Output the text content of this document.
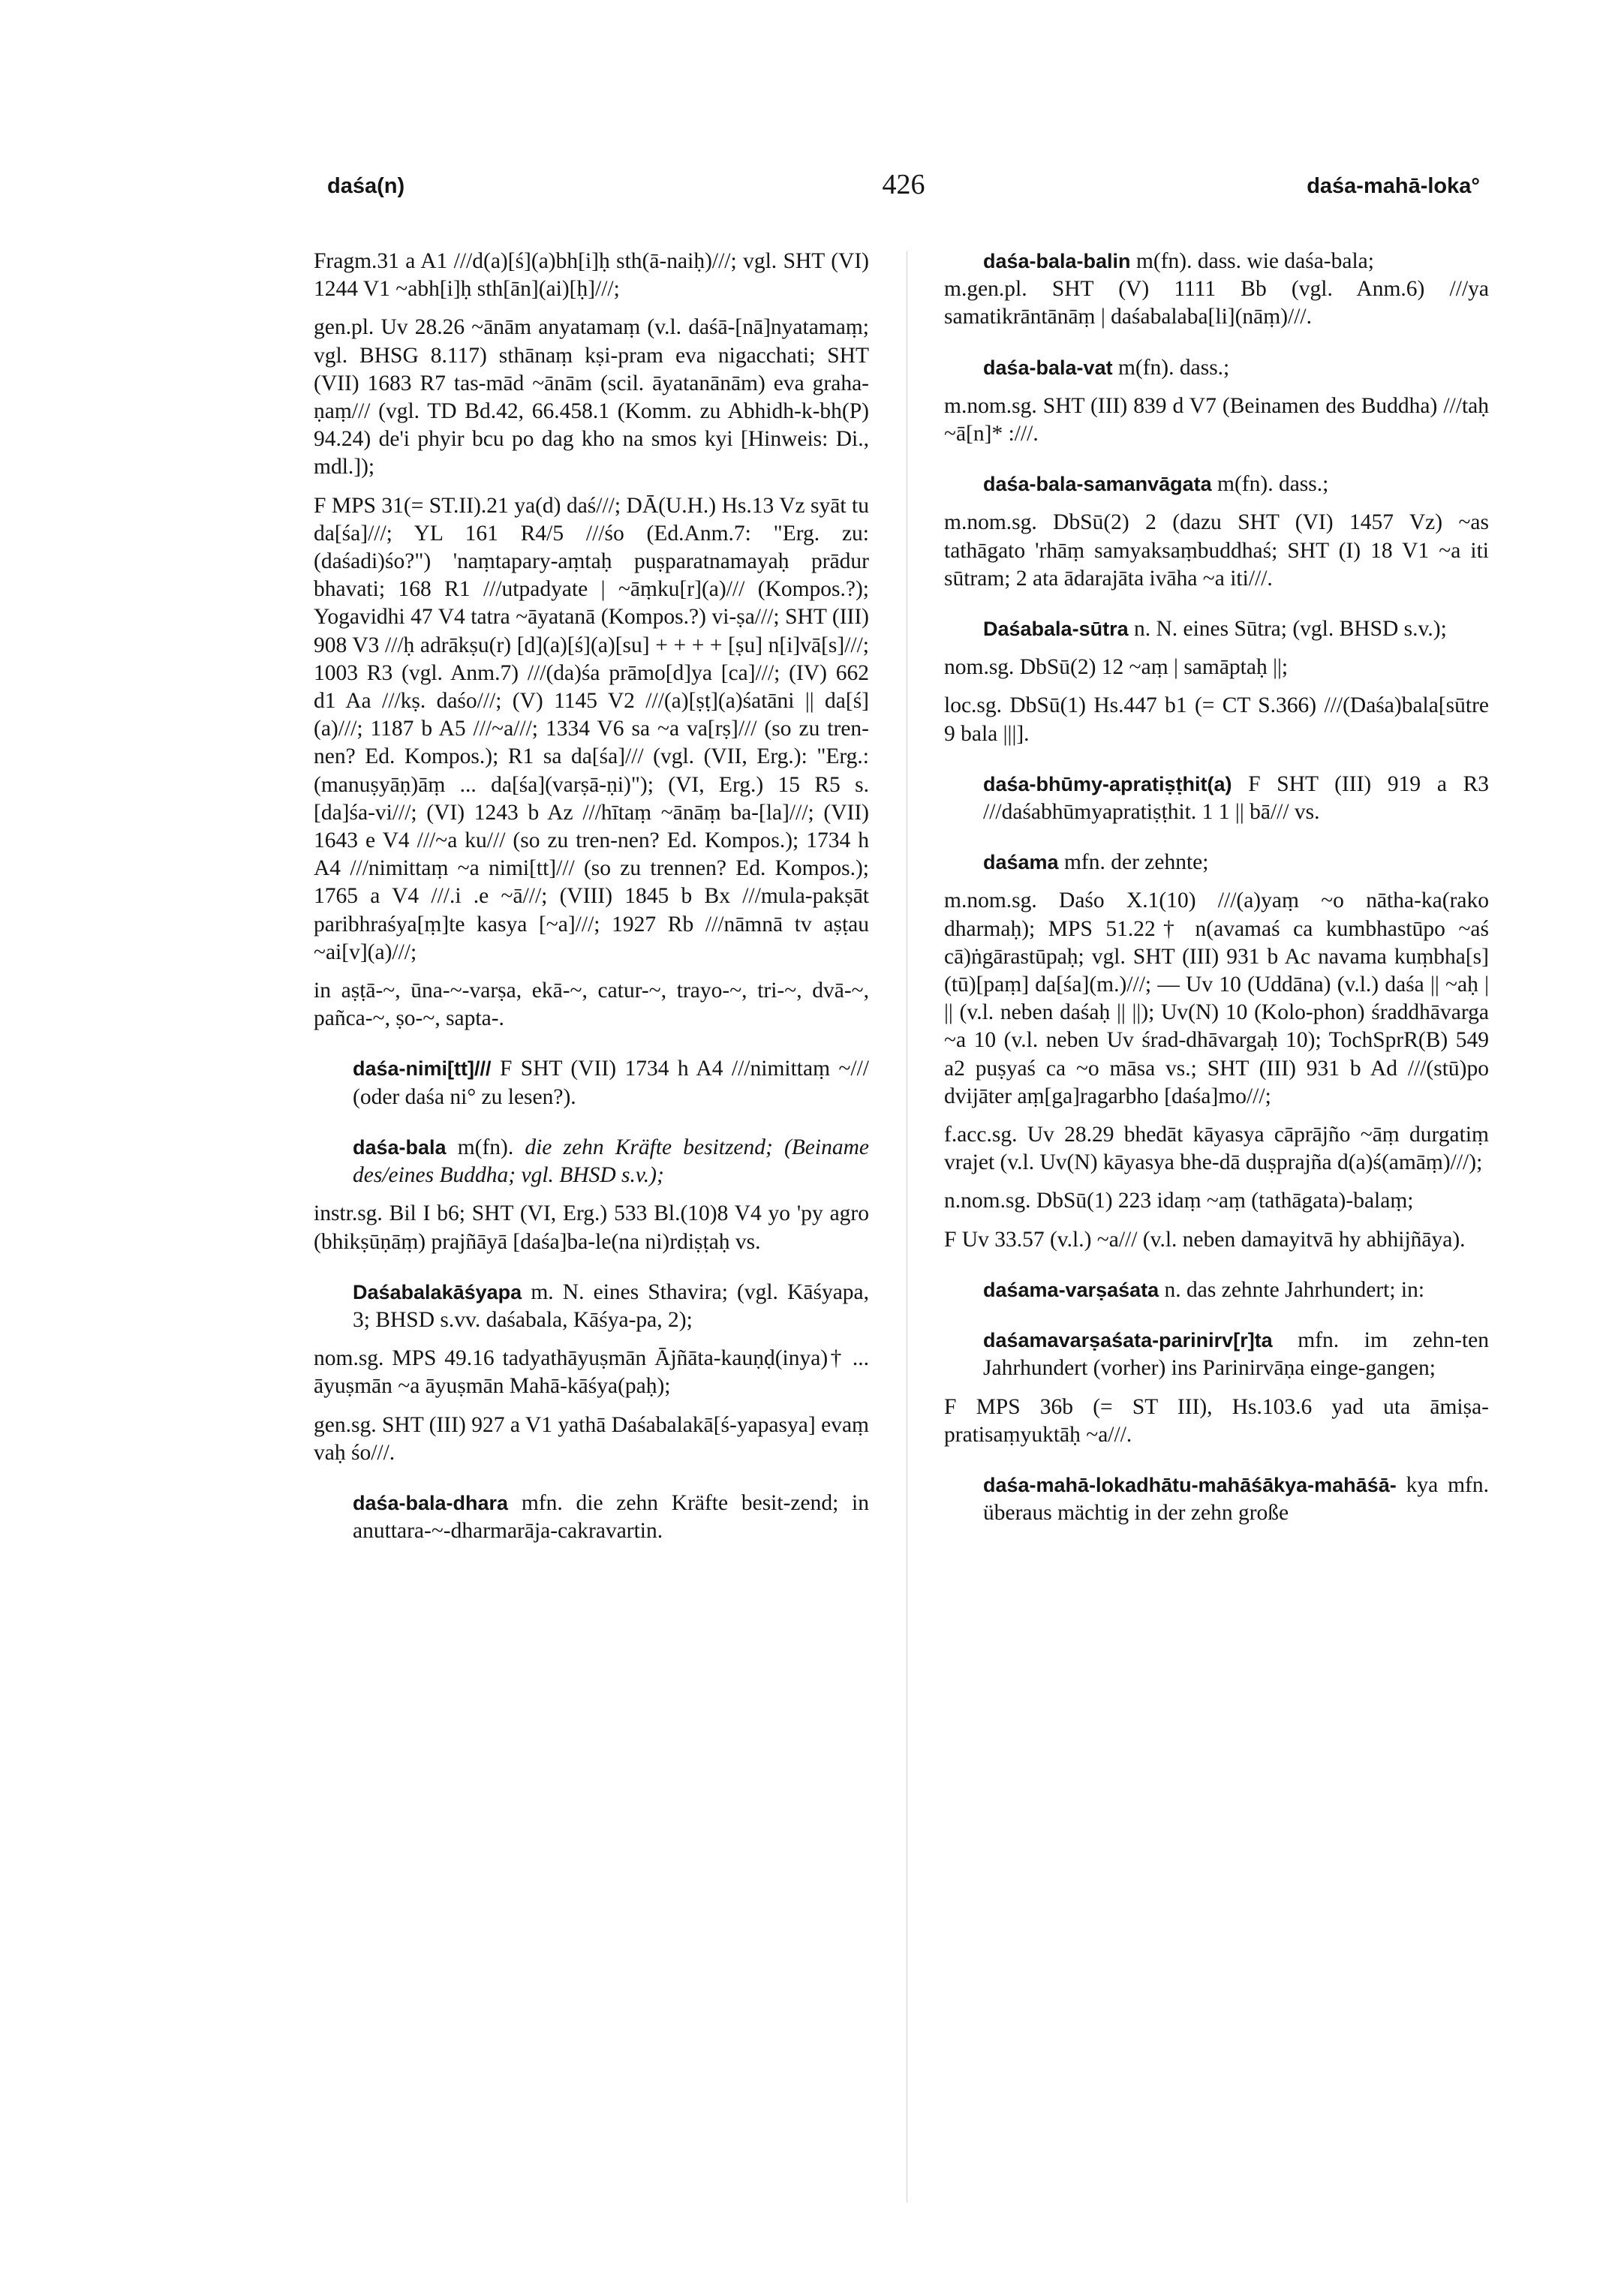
daśa(n)	426	daśa-mahā-loka°

Fragm.31 a A1 ///d(a)[ś](a)bh[i]ḥ sth(ā-naiḥ)///; vgl. SHT (VI) 1244 V1 ~abh[i]ḥ sth[ān](ai)[ḥ]///;

gen.pl. Uv 28.26 ~ānām anyatamaṃ (v.l. daśā-[nā]nyatamaṃ; vgl. BHSG 8.117) sthānaṃ kṣi-pram eva nigacchati; SHT (VII) 1683 R7 tas-mād ~ānām (scil. āyatanānām) eva graha-ṇaṃ/// (vgl. TD Bd.42, 66.458.1 (Komm. zu Abhidh-k-bh(P) 94.24) de'i phyir bcu po dag kho na smos kyi [Hinweis: Di., mdl.]);

F MPS 31(= ST.II).21 ya(d) daś///; DĀ(U.H.) Hs.13 Vz syāt tu da[śa]///; YL 161 R4/5 ///śo (Ed.Anm.7: "Erg. zu: (daśadi)śo?") 'naṃtapary-aṃtaḥ puṣparatnamayaḥ prādur bhavati; 168 R1 ///utpadyate | ~āṃku[r](a)/// (Kompos.?); Yogavidhi 47 V4 tatra ~āyatanā (Kompos.?) vi-ṣa///; SHT (III) 908 V3 ///ḥ adrākṣu(r) [d](a)[ś](a)[su] + + + + [ṣu] n[i]vā[s]///; 1003 R3 (vgl. Anm.7) ///(da)śa prāmo[d]ya [ca]///; (IV) 662 d1 Aa ///kṣ. daśo///; (V) 1145 V2 ///(a)[ṣṭ](a)śatāni || da[ś](a)///; 1187 b A5 ///~a///; 1334 V6 sa ~a va[rṣ]/// (so zu tren-nen? Ed. Kompos.); R1 sa da[śa]/// (vgl. (VII, Erg.): "Erg.: (manuṣyāṇ)āṃ ... da[śa](varṣā-ṇi)"); (VI, Erg.) 15 R5 s. [da]śa-vi///; (VI) 1243 b Az ///hītaṃ ~ānāṃ ba-[la]///; (VII) 1643 e V4 ///~a ku/// (so zu tren-nen? Ed. Kompos.); 1734 h A4 ///nimittaṃ ~a nimi[tt]/// (so zu trennen? Ed. Kompos.); 1765 a V4 ///.i .e ~ā///; (VIII) 1845 b Bx ///mula-pakṣāt paribhraśya[ṃ]te kasya [~a]///; 1927 Rb ///nāmnā tv aṣṭau ~ai[v](a)///;

in aṣṭā-~, ūna-~-varṣa, ekā-~, catur-~, trayo-~, tri-~, dvā-~, pañca-~, ṣo-~, sapta-.

daśa-nimi[tt]/// F SHT (VII) 1734 h A4 ///nimittaṃ ~/// (oder daśa ni° zu lesen?).

daśa-bala m(fn). die zehn Kräfte besitzend; (Beiname des/eines Buddha; vgl. BHSD s.v.);

instr.sg. Bil I b6; SHT (VI, Erg.) 533 Bl.(10)8 V4 yo 'py agro (bhikṣūṇāṃ) prajñāyā [daśa]ba-le(na ni)rdiṣṭaḥ vs.

Daśabalakāśyapa m. N. eines Sthavira; (vgl. Kāśyapa, 3; BHSD s.vv. daśabala, Kāśya-pa, 2);

nom.sg. MPS 49.16 tadyathāyuṣmān Ājñāta-kauṇḍ(inya)† ... āyuṣmān ~a āyuṣmān Mahā-kāśya(paḥ);

gen.sg. SHT (III) 927 a V1 yathā Daśabalakā[ś-yapasya] evaṃ vaḥ śo///.

daśa-bala-dhara mfn. die zehn Kräfte besit-zend; in anuttara-~-dharmarāja-cakravartin.

daśa-bala-balin m(fn). dass. wie daśa-bala;

m.gen.pl. SHT (V) 1111 Bb (vgl. Anm.6) ///ya samatikrāntānāṃ | daśabalaba[li](nāṃ)///.

daśa-bala-vat m(fn). dass.;

m.nom.sg. SHT (III) 839 d V7 (Beinamen des Buddha) ///taḥ ~ā[n]* :///.

daśa-bala-samanvāgata m(fn). dass.;

m.nom.sg. DbSū(2) 2 (dazu SHT (VI) 1457 Vz) ~as tathāgato 'rhāṃ samyaksaṃbuddhaś; SHT (I) 18 V1 ~a iti sūtram; 2 ata ādarajāta ivāha ~a iti///.

Daśabala-sūtra n. N. eines Sūtra; (vgl. BHSD s.v.);

nom.sg. DbSū(2) 12 ~aṃ | samāptaḥ ||;

loc.sg. DbSū(1) Hs.447 b1 (= CT S.366) ///(Daśa)bala[sūtre 9 bala |||].

daśa-bhūmy-apratiṣṭhit(a) F SHT (III) 919 a R3 ///daśabhūmyapratiṣṭhit. 1 1 || bā/// vs.

daśama mfn. der zehnte;

m.nom.sg. Daśo X.1(10) ///(a)yaṃ ~o nātha-ka(rako dharmaḥ); MPS 51.22† n(avamaś ca kumbhastūpo ~aś cā)ṅgārastūpaḥ; vgl. SHT (III) 931 b Ac navama kuṃbha[s](tū)[paṃ] da[śa](m.)///; — Uv 10 (Uddāna) (v.l.) daśa || ~aḥ | || (v.l. neben daśaḥ || ||); Uv(N) 10 (Kolo-phon) śraddhāvarga ~a 10 (v.l. neben Uv śrad-dhāvargaḥ 10); TochSprR(B) 549 a2 puṣyaś ca ~o māsa vs.; SHT (III) 931 b Ad ///(stū)po dvijāter aṃ[ga]ragarbho [daśa]mo///;

f.acc.sg. Uv 28.29 bhedāt kāyasya cāprājño ~āṃ durgatiṃ vrajet (v.l. Uv(N) kāyasya bhe-dā duṣprajña d(a)ś(amāṃ)///);

n.nom.sg. DbSū(1) 223 idaṃ ~aṃ (tathāgata)-balaṃ;

F Uv 33.57 (v.l.) ~a/// (v.l. neben damayitvā hy abhijñāya).

daśama-varṣaśata n. das zehnte Jahrhundert; in:

daśamavarṣaśata-parinirv[r]ta mfn. im zehn-ten Jahrhundert (vorher) ins Parinirvāṇa einge-gangen;

F MPS 36b (= ST III), Hs.103.6 yad uta āmiṣa-pratisaṃyuktāḥ ~a///.

daśa-mahā-lokadhātu-mahāśākya-mahāśā- kya mfn. überaus mächtig in der zehn große
